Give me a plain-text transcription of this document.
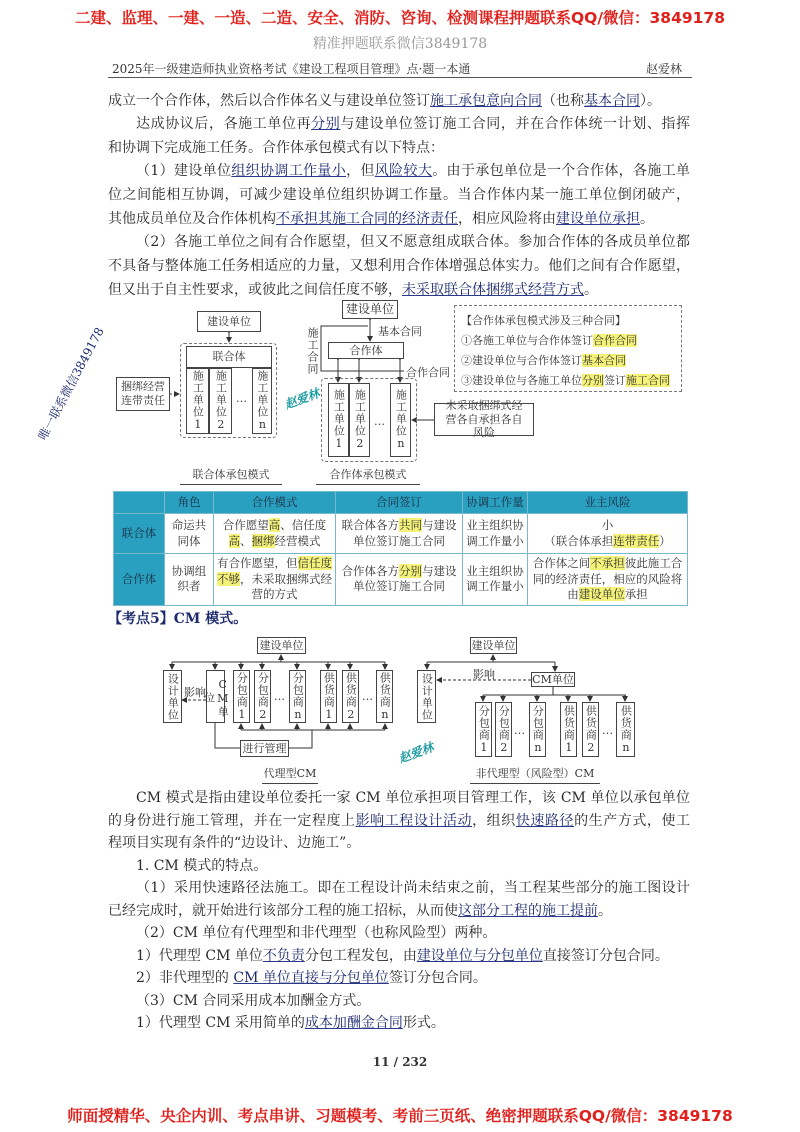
二建、监理、一建、一造、二造、安全、消防、咨询、检测课程押题联系QQ/微信：3849178
2025年一级建造师执业资格考试《建设工程项目管理》点·题一本通	赵爱林
成立一个合作体，然后以合作体名义与建设单位签订施工承包意向合同（也称基本合同）。
达成协议后，各施工单位再分别与建设单位签订施工合同，并在合作体统一计划、指挥
和协调下完成施工任务。合作体承包模式有以下特点：
（1）建设单位组织协调工作量小，但风险较大。由于承包单位是一个合作体，各施工单
位之间能相互协调，可减少建设单位组织协调工作量。当合作体内某一施工单位倒闭破产，
其他成员单位及合作体机构不承担其施工合同的经济责任，相应风险将由建设单位承担。
（2）各施工单位之间有合作愿望，但又不愿意组成联合体。参加合作体的各成员单位都
不具备与整体施工任务相适应的力量，又想利用合作体增强总体实力。他们之间有合作愿望，
但又出于自主性要求，或彼此之间信任度不够，未采取联合体捆绑式经营方式。
建设单位
联合体
施工单位1 施工单位2 … 施工单位n
捆绑经营连带责任
联合体承包模式
建设单位
基本合同
施工合同	合作体
合作合同
施工单位1 施工单位2 … 施工单位n	未采取捆绑式经营各自承担各自风险
合作体承包模式
赵爱林
【合作体承包模式涉及三种合同】
①各施工单位与合作体签订合作合同
②建设单位与合作体签订基本合同
③建设单位与各施工单位分别签订施工合同
	角色	合作模式	合同签订	协调工作量	业主风险
联合体	命运共同体	合作愿望高、信任度高、捆绑经营模式	联合体各方共同与建设单位签订施工合同	业主组织协调工作量小	小
（联合体承担连带责任）
合作体	协调组织者	有合作愿望，但信任度不够，未采取捆绑式经营的方式	合作体各方分别与建设单位签订施工合同	业主组织协调工作量小	合作体之间不承担彼此施工合同的经济责任，相应的风险将由建设单位承担
【考点5】CM 模式。
建设单位
设计单位 影响 CM单位	分包商1 分包商2 … 分包商n 供货商1 供货商2 … 供货商n
进行管理
代理型CM
赵爱林
建设单位
设计单位	影响	CM单位
分包商1 分包商2 … 分包商n 供货商1 供货商2 … 供货商n
非代理型（风险型）CM
CM 模式是指由建设单位委托一家 CM 单位承担项目管理工作，该 CM 单位以承包单位
的身份进行施工管理，并在一定程度上影响工程设计活动，组织快速路径的生产方式，使工
程项目实现有条件的“边设计、边施工”。
1. CM 模式的特点。
（1）采用快速路径法施工。即在工程设计尚未结束之前，当工程某些部分的施工图设计
已经完成时，就开始进行该部分工程的施工招标，从而使这部分工程的施工提前。
（2）CM 单位有代理型和非代理型（也称风险型）两种。
1）代理型 CM 单位不负责分包工程发包，由建设单位与分包单位直接签订分包合同。
2）非代理型的 CM 单位直接与分包单位签订分包合同。
（3）CM 合同采用成本加酬金方式。
1）代理型 CM 采用简单的成本加酬金合同形式。
唯一联系微信3849178
精准押题联系微信3849178
11 / 232
师面授精华、央企内训、考点串讲、习题模考、考前三页纸、绝密押题联系QQ/微信：3849178
